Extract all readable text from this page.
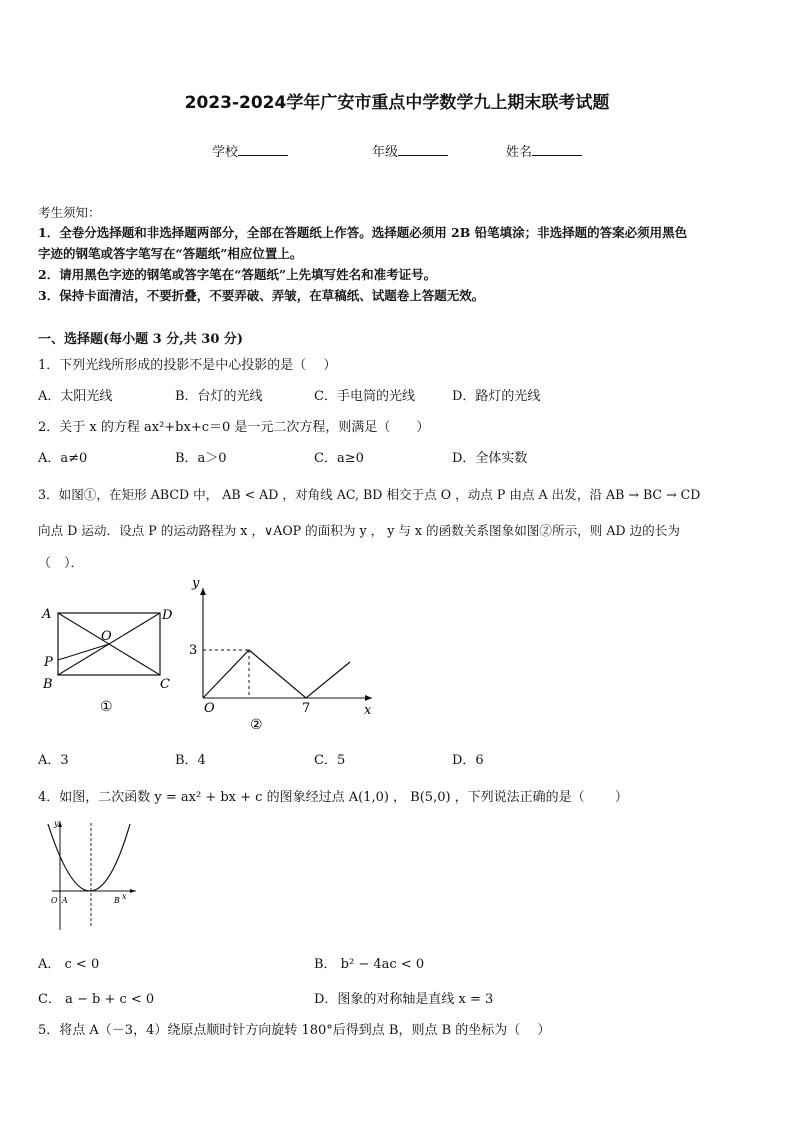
2023-2024学年广安市重点中学数学九上期末联考试题
学校	年级	姓名
考生须知：
1．全卷分选择题和非选择题两部分，全部在答题纸上作答。选择题必须用 2B 铅笔填涂；非选择题的答案必须用黑色
字迹的钢笔或答字笔写在“答题纸”相应位置上。
2．请用黑色字迹的钢笔或答字笔在“答题纸”上先填写姓名和准考证号。
3．保持卡面清洁，不要折叠，不要弄破、弄皱，在草稿纸、试题卷上答题无效。
一、选择题(每小题 3 分,共 30 分)
1．下列光线所形成的投影不是中心投影的是（　 ）
A．太阳光线	B．台灯的光线	C．手电筒的光线	D．路灯的光线
2．关于 x 的方程 ax²+bx+c＝0 是一元二次方程，则满足（　　）
A．a≠0	B．a＞0	C．a≥0	D．全体实数
3．如图①，在矩形 ABCD 中， AB < AD ，对角线 AC, BD 相交于点 O ，动点 P 由点 A 出发，沿 AB → BC → CD
向点 D 运动．设点 P 的运动路程为 x ，∨AOP 的面积为 y ， y 与 x 的函数关系图象如图②所示，则 AD 边的长为
（　）．
A	D
O
P
B	C
①
y
3
O	7	x
②
A．3	B．4	C．5	D．6
4．如图，二次函数 y = ax² + bx + c 的图象经过点 A(1,0) ， B(5,0) ，下列说法正确的是（　　 ）
y
O A	B x
A． c < 0	B． b² − 4ac < 0
C． a − b + c < 0	D．图象的对称轴是直线 x = 3
5．将点 A（－3，4）绕原点顺时针方向旋转 180°后得到点 B，则点 B 的坐标为（　 ）
